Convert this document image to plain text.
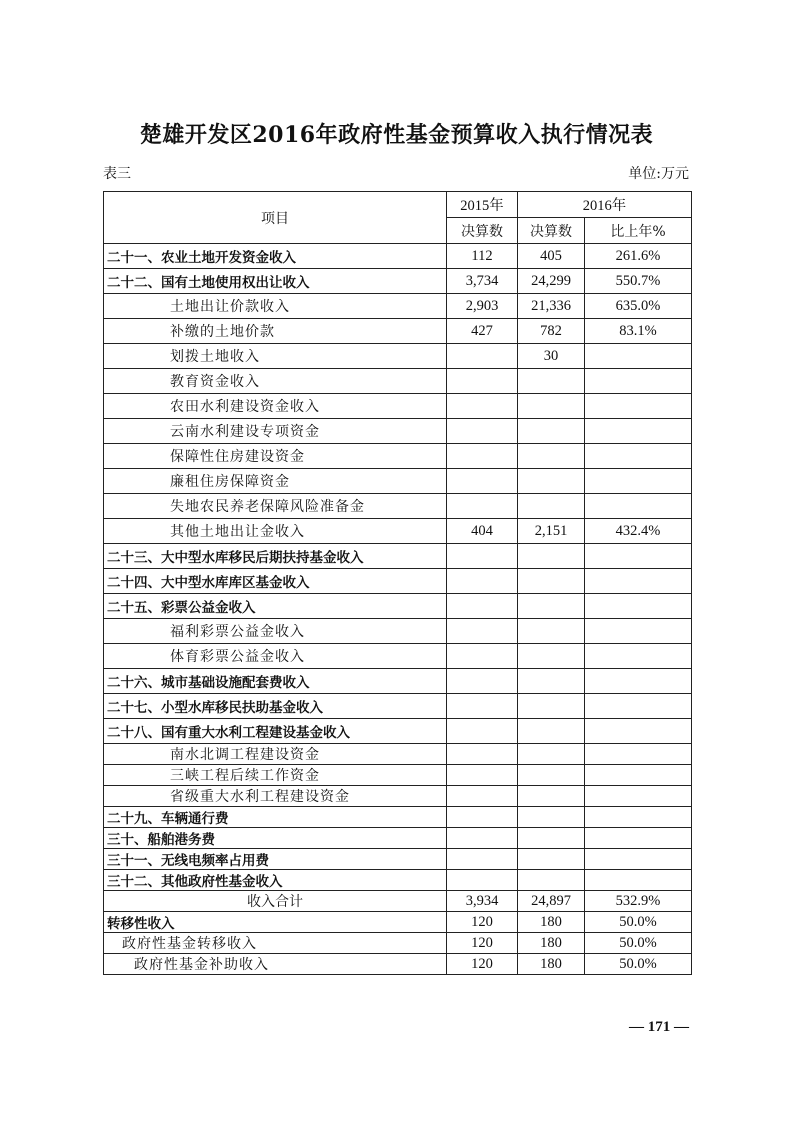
楚雄开发区2016年政府性基金预算收入执行情况表
表三	单位:万元
项目	2015年	2016年	
	决算数	决算数	比上年%
二十一、农业土地开发资金收入	112	405	261.6%
二十二、国有土地使用权出让收入	3,734	24,299	550.7%
土地出让价款收入	2,903	21,336	635.0%
补缴的土地价款	427	782	83.1%
划拨土地收入		30	
教育资金收入			
农田水利建设资金收入			
云南水利建设专项资金			
保障性住房建设资金			
廉租住房保障资金			
失地农民养老保障风险准备金			
其他土地出让金收入	404	2,151	432.4%
二十三、大中型水库移民后期扶持基金收入			
二十四、大中型水库库区基金收入			
二十五、彩票公益金收入			
福利彩票公益金收入			
体育彩票公益金收入			
二十六、城市基础设施配套费收入			
二十七、小型水库移民扶助基金收入			
二十八、国有重大水利工程建设基金收入			
南水北调工程建设资金			
三峡工程后续工作资金			
省级重大水利工程建设资金			
二十九、车辆通行费			
三十、船舶港务费			
三十一、无线电频率占用费			
三十二、其他政府性基金收入			
收入合计	3,934	24,897	532.9%
转移性收入	120	180	50.0%
政府性基金转移收入	120	180	50.0%
政府性基金补助收入	120	180	50.0%
— 171 —
